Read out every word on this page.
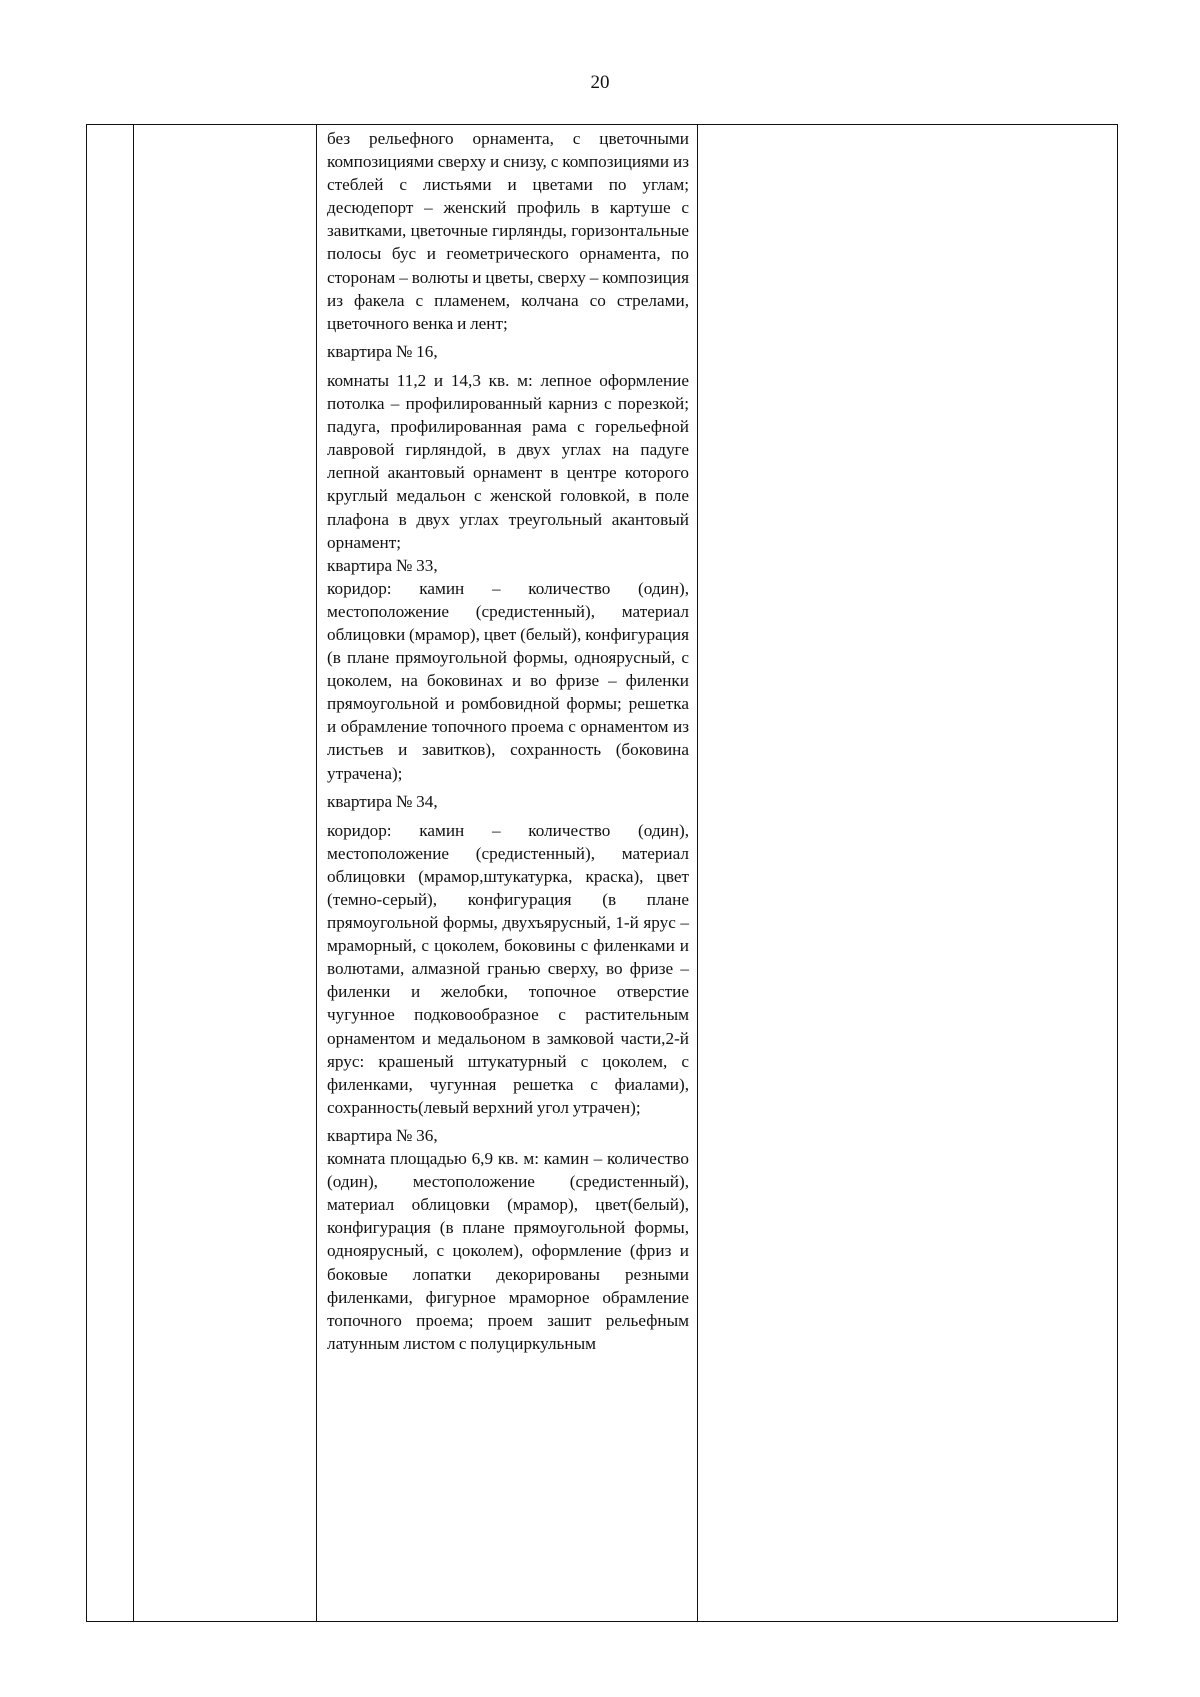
20

без рельефного орнамента, с цветочными композициями сверху и снизу, с композициями из стеблей с листьями и цветами по углам; десюдепорт – женский профиль в картуше с завитками, цветочные гирлянды, горизонтальные полосы бус и геометрического орнамента, по сторонам – волюты и цветы, сверху – композиция из факела с пламенем, колчана со стрелами, цветочного венка и лент;

квартира № 16,

комнаты 11,2 и 14,3 кв. м: лепное оформление потолка – профилированный карниз с порезкой; падуга, профилированная рама с горельефной лавровой гирляндой, в двух углах на падуге лепной акантовый орнамент в центре которого круглый медальон с женской головкой, в поле плафона в двух углах треугольный акантовый орнамент;

квартира № 33,

коридор: камин – количество (один), местоположение (средистенный), материал облицовки (мрамор), цвет (белый), конфигурация (в плане прямоугольной формы, одноярусный, с цоколем, на боковинах и во фризе – филенки прямоугольной и ромбовидной формы; решетка и обрамление топочного проема с орнаментом из листьев и завитков), сохранность (боковина утрачена);

квартира № 34,

коридор: камин – количество (один), местоположение (средистенный), материал облицовки (мрамор,штукатурка, краска), цвет (темно-серый), конфигурация (в плане прямоугольной формы, двухъярусный, 1-й ярус – мраморный, с цоколем, боковины с филенками и волютами, алмазной гранью сверху, во фризе – филенки и желобки, топочное отверстие чугунное подковообразное с растительным орнаментом и медальоном в замковой части,2-й ярус: крашеный штукатурный с цоколем, с филенками, чугунная решетка с фиалами), сохранность(левый верхний угол утрачен);

квартира № 36,

комната площадью 6,9 кв. м: камин – количество (один), местоположение (средистенный), материал облицовки (мрамор), цвет(белый), конфигурация (в плане прямоугольной формы, одноярусный, с цоколем), оформление (фриз и боковые лопатки декорированы резными филенками, фигурное мраморное обрамление топочного проема; проем зашит рельефным латунным листом с полуциркульным
